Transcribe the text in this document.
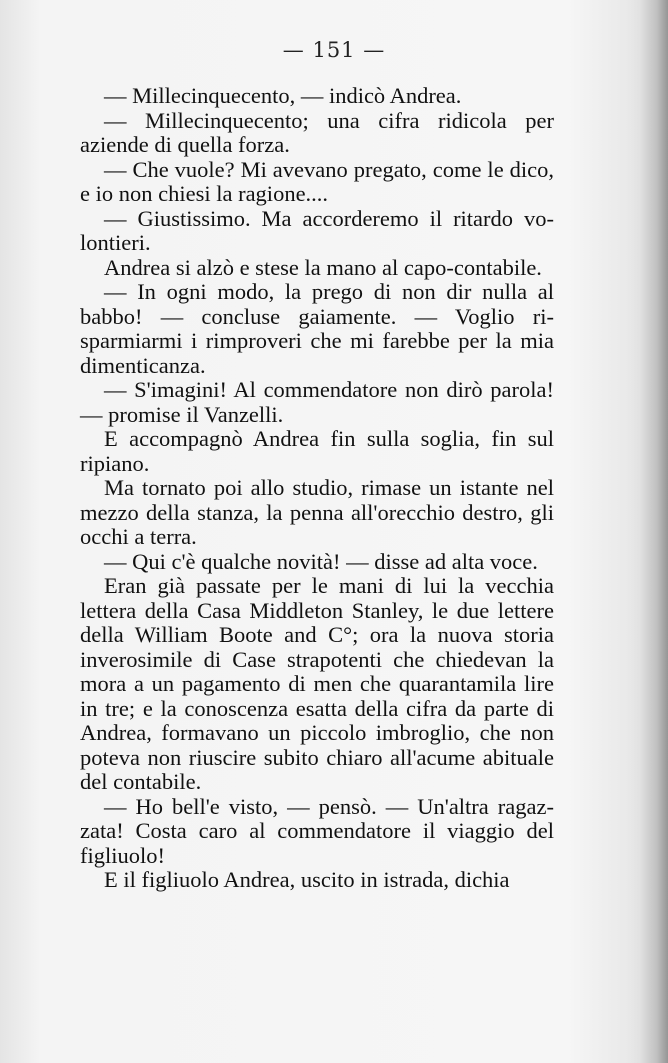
— 151 —

— Millecinquecento, — indicò Andrea.

— Millecinquecento; una cifra ridicola per aziende di quella forza.

— Che vuole? Mi avevano pregato, come le dico, e io non chiesi la ragione....

— Giustissimo. Ma accorderemo il ritardo volontieri.

Andrea si alzò e stese la mano al capo-contabile.

— In ogni modo, la prego di non dir nulla al babbo! — concluse gaiamente. — Voglio risparmiarmi i rimproveri che mi farebbe per la mia dimenticanza.

— S'imagini! Al commendatore non dirò parola! — promise il Vanzelli.

E accompagnò Andrea fin sulla soglia, fin sul ripiano.

Ma tornato poi allo studio, rimase un istante nel mezzo della stanza, la penna all'orecchio destro, gli occhi a terra.

— Qui c'è qualche novità! — disse ad alta voce.

Eran già passate per le mani di lui la vecchia lettera della Casa Middleton Stanley, le due lettere della William Boote and C°; ora la nuova storia inverosimile di Case strapotenti che chiedevan la mora a un pagamento di men che quarantamila lire in tre; e la conoscenza esatta della cifra da parte di Andrea, formavano un piccolo imbroglio, che non poteva non riuscire subito chiaro all'acume abituale del contabile.

— Ho bell'e visto, — pensò. — Un'altra ragazzata! Costa caro al commendatore il viaggio del figliuolo!

E il figliuolo Andrea, uscito in istrada, dichia
